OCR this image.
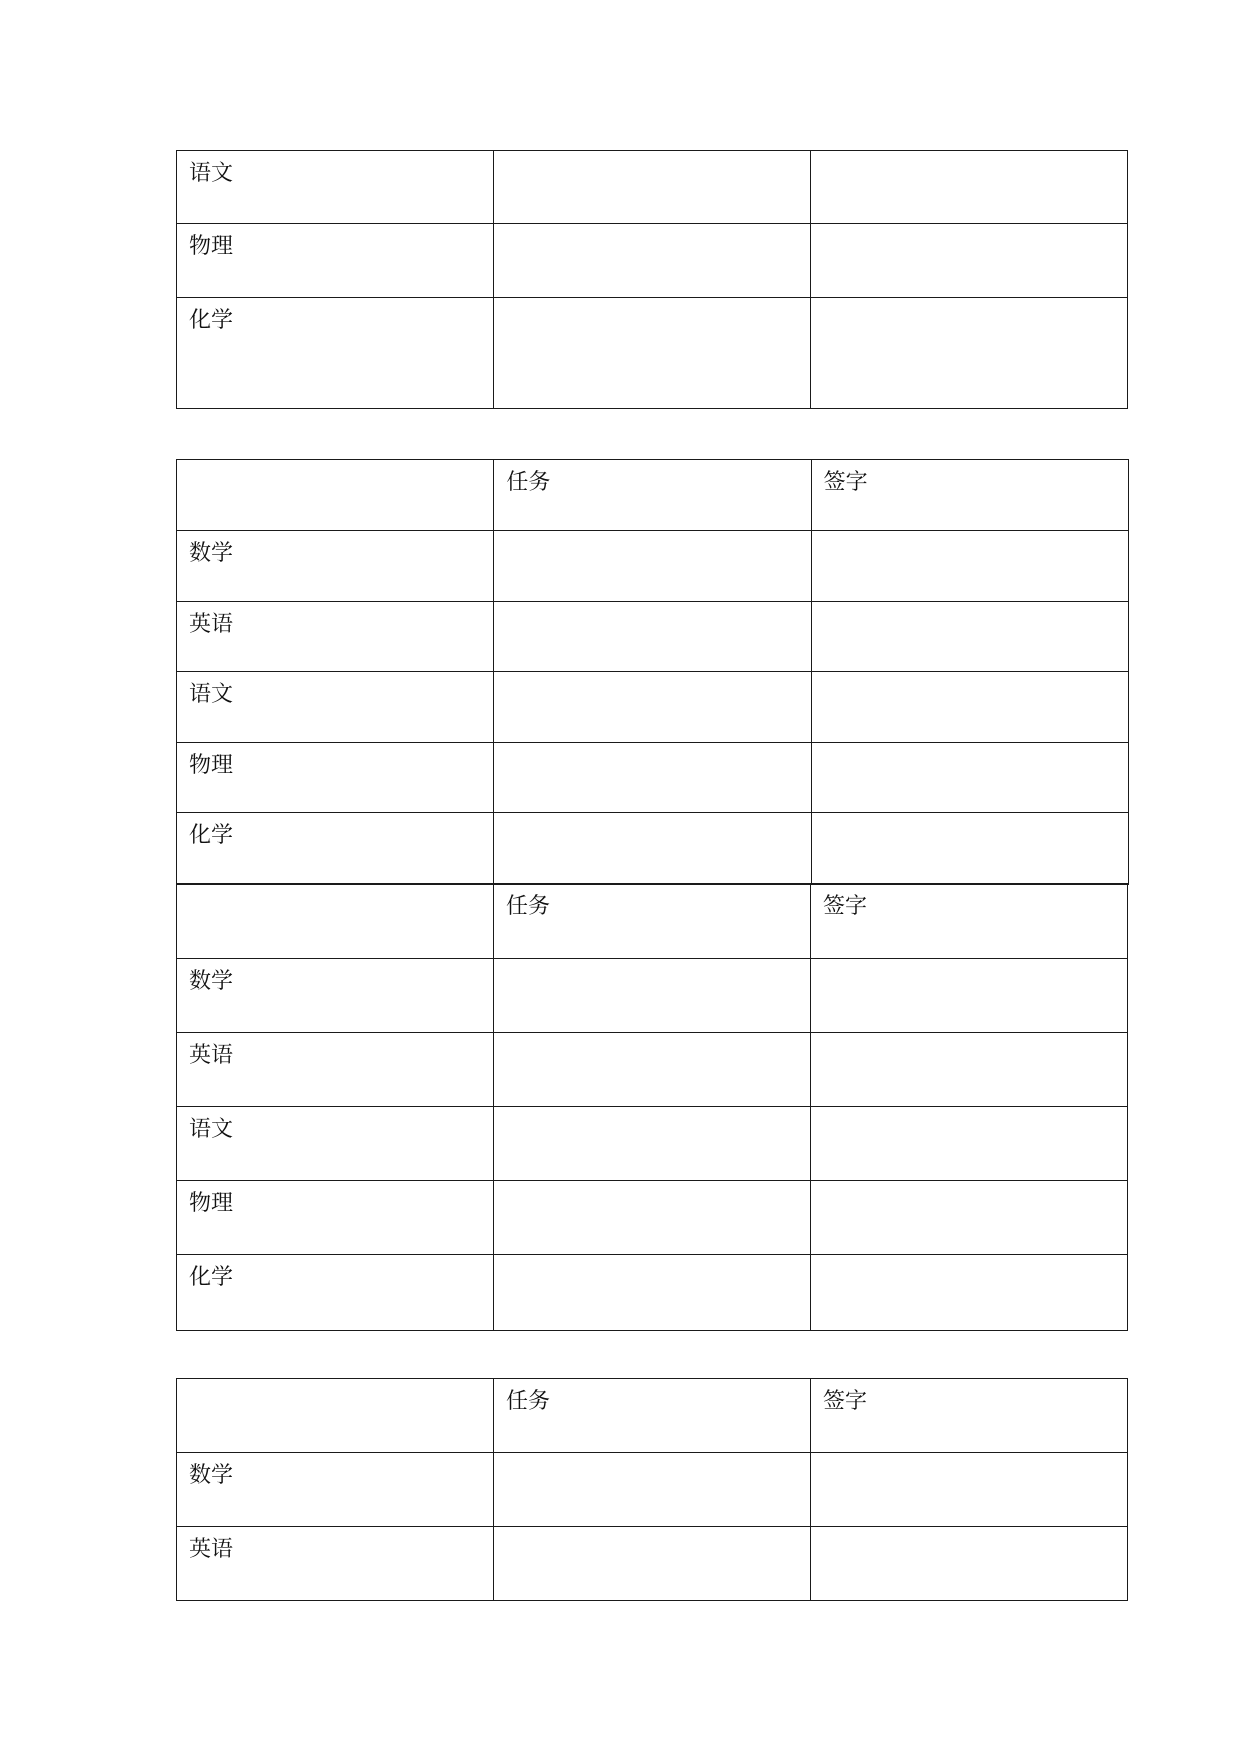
语文		
物理		
化学		
	任务	签字
数学		
英语		
语文		
物理		
化学		
	任务	签字
数学		
英语		
语文		
物理		
化学		
	任务	签字
数学		
英语		
